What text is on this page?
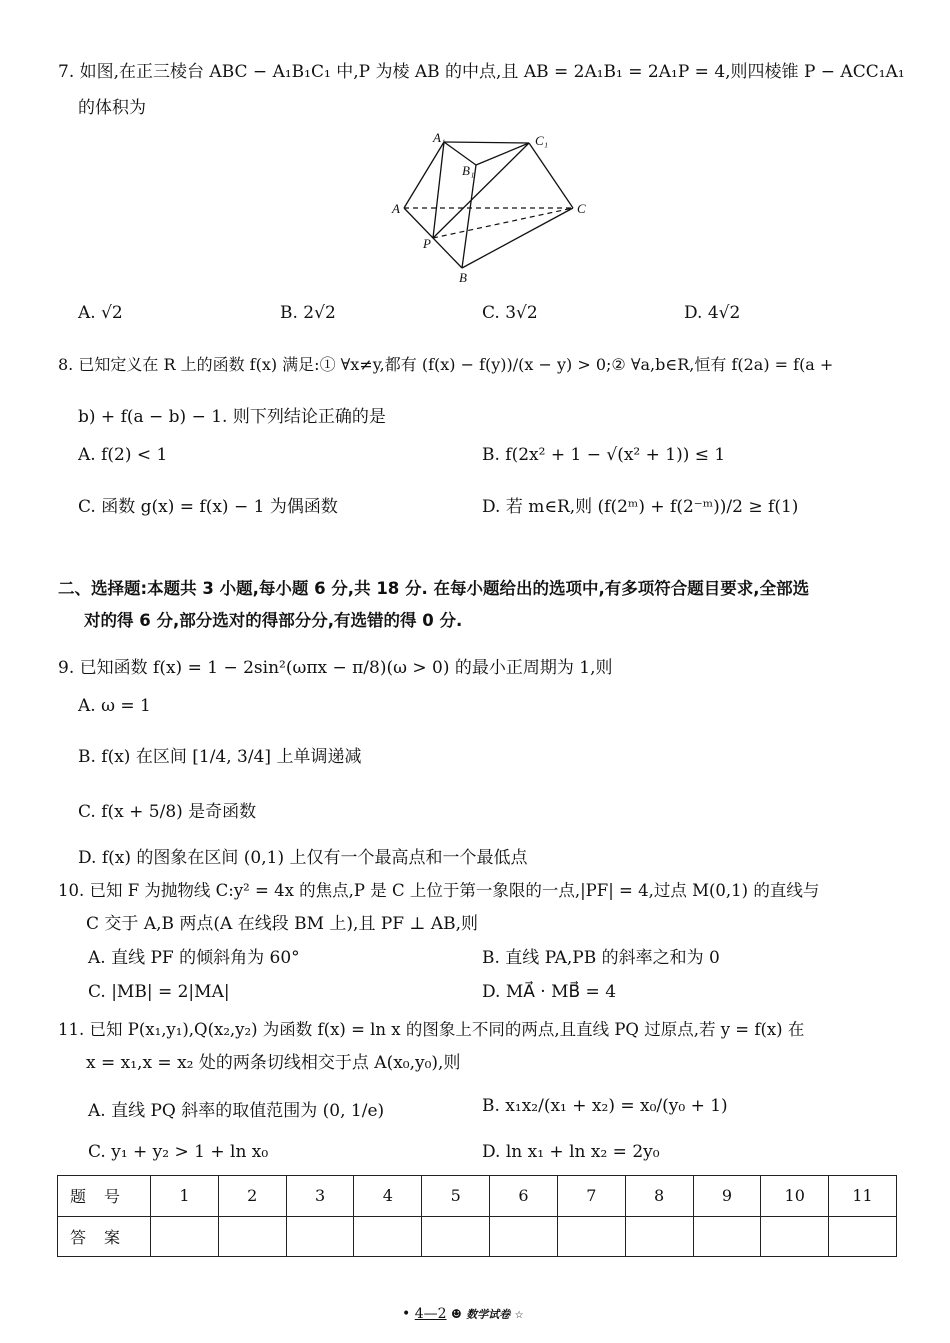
7. 如图,在正三棱台 ABC − A₁B₁C₁ 中,P 为棱 AB 的中点,且 AB = 2A₁B₁ = 2A₁P = 4,则四棱锥 P − ACC₁A₁
的体积为
A₁	C₁
B₁
A	C
P
B
A. √2	B. 2√2	C. 3√2	D. 4√2
8. 已知定义在 R 上的函数 f(x) 满足:① ∀x≠y,都有 (f(x) − f(y))/(x − y) > 0;② ∀a,b∈R,恒有 f(2a) = f(a +
b) + f(a − b) − 1. 则下列结论正确的是
A. f(2) < 1	B. f(2x² + 1 − √(x² + 1)) ≤ 1
C. 函数 g(x) = f(x) − 1 为偶函数	D. 若 m∈R,则 (f(2ᵐ) + f(2⁻ᵐ))/2 ≥ f(1)
二、选择题:本题共 3 小题,每小题 6 分,共 18 分. 在每小题给出的选项中,有多项符合题目要求,全部选
对的得 6 分,部分选对的得部分分,有选错的得 0 分.
9. 已知函数 f(x) = 1 − 2sin²(ωπx − π/8)(ω > 0) 的最小正周期为 1,则
A. ω = 1
B. f(x) 在区间 [1/4, 3/4] 上单调递减
C. f(x + 5/8) 是奇函数
D. f(x) 的图象在区间 (0,1) 上仅有一个最高点和一个最低点
10. 已知 F 为抛物线 C:y² = 4x 的焦点,P 是 C 上位于第一象限的一点,|PF| = 4,过点 M(0,1) 的直线与
C 交于 A,B 两点(A 在线段 BM 上),且 PF ⊥ AB,则
A. 直线 PF 的倾斜角为 60°	B. 直线 PA,PB 的斜率之和为 0
C. |MB| = 2|MA|	D. MA⃗ · MB⃗ = 4
11. 已知 P(x₁,y₁),Q(x₂,y₂) 为函数 f(x) = ln x 的图象上不同的两点,且直线 PQ 过原点,若 y = f(x) 在
x = x₁,x = x₂ 处的两条切线相交于点 A(x₀,y₀),则
A. 直线 PQ 斜率的取值范围为 (0, 1/e)	B. x₁x₂/(x₁ + x₂) = x₀/(y₀ + 1)
C. y₁ + y₂ > 1 + ln x₀	D. ln x₁ + ln x₂ = 2y₀
题号	1	2	3	4	5	6	7	8	9	10	11
答案											
• 4—2 ☻ 数学试卷 ☆
